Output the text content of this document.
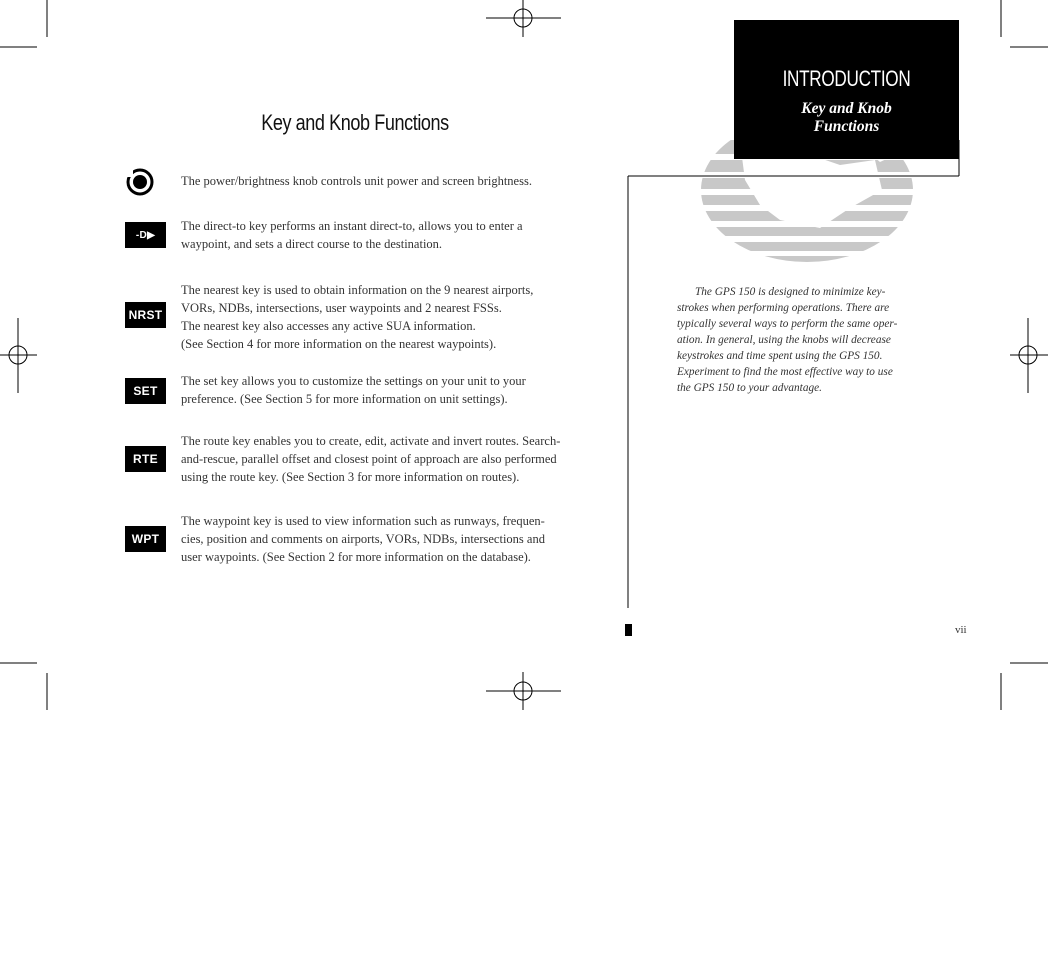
Key and Knob Functions

The power/brightness knob controls unit power and screen brightness.

-D▶

The direct-to key performs an instant direct-to, allows you to enter a

waypoint, and sets a direct course to the destination.

NRST

The nearest key is used to obtain information on the 9 nearest airports,

VORs, NDBs, intersections, user waypoints and 2 nearest FSSs.

The nearest key also accesses any active SUA information.

(See Section 4 for more information on the nearest waypoints).

SET

The set key allows you to customize the settings on your unit to your

preference. (See Section 5 for more information on unit settings).

RTE

The route key enables you to create, edit, activate and invert routes. Search-

and-rescue, parallel offset and closest point of approach are also performed

using the route key. (See Section 3 for more information on routes).

WPT

The waypoint key is used to view information such as runways, frequen-

cies, position and comments on airports, VORs, NDBs, intersections and

user waypoints. (See Section 2 for more information on the database).

INTRODUCTION
Key and Knob
Functions
The GPS 150 is designed to minimize key-
strokes when performing operations. There are
typically several ways to perform the same oper-
ation. In general, using the knobs will decrease
keystrokes and time spent using the GPS 150.
Experiment to find the most effective way to use
the GPS 150 to your advantage.
vii
